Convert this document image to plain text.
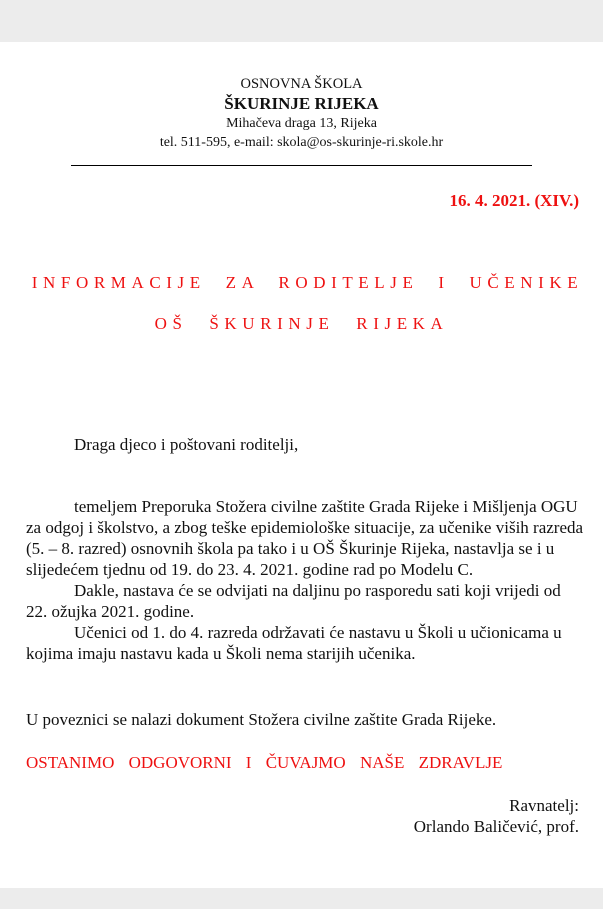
OSNOVNA ŠKOLA
ŠKURINJE RIJEKA
Mihačeva draga 13, Rijeka
tel. 511-595, e-mail: skola@os-skurinje-ri.skole.hr
16. 4. 2021. (XIV.)
INFORMACIJE ZA RODITELJE I UČENIKE
OŠ ŠKURINJE RIJEKA
Draga djeco i poštovani roditelji,

temeljem Preporuka Stožera civilne zaštite Grada Rijeke i Mišljenja OGU za odgoj i školstvo, a zbog teške epidemiološke situacije, za učenike viših razreda (5. – 8. razred) osnovnih škola pa tako i u OŠ Škurinje Rijeka, nastavlja se i u slijedećem tjednu od 19. do 23. 4. 2021. godine rad po Modelu C.

Dakle, nastava će se odvijati na daljinu po rasporedu sati koji vrijedi od 22. ožujka 2021. godine.

Učenici od 1. do 4. razreda održavati će nastavu u Školi u učionicama u kojima imaju nastavu kada u Školi nema starijih učenika.

U poveznici se nalazi dokument Stožera civilne zaštite Grada Rijeke.
OSTANIMO ODGOVORNI I ČUVAJMO NAŠE ZDRAVLJE
Ravnatelj:
Orlando Baličević, prof.
